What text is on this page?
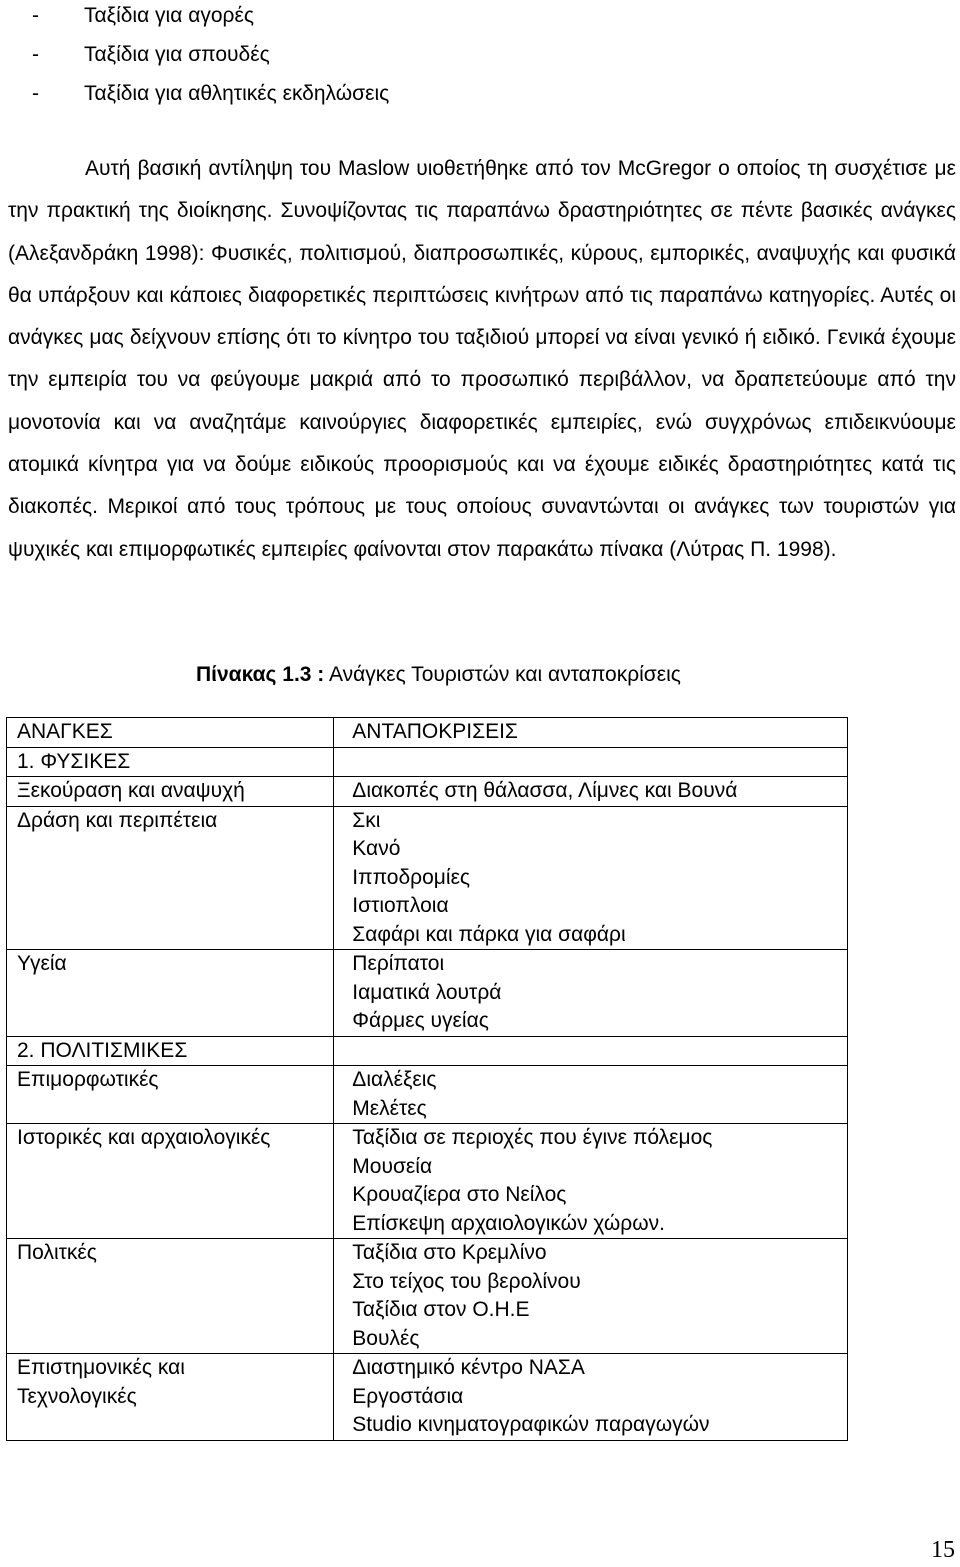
-	Ταξίδια για αγορές
-	Ταξίδια για σπουδές
-	Ταξίδια για αθλητικές εκδηλώσεις

Αυτή βασική αντίληψη του Maslow υιοθετήθηκε από τον McGregor ο οποίος τη συσχέτισε με την πρακτική της διοίκησης. Συνοψίζοντας τις παραπάνω δραστηριότητες σε πέντε βασικές ανάγκες (Αλεξανδράκη 1998): Φυσικές, πολιτισμού, διαπροσωπικές, κύρους, εμπορικές, αναψυχής και φυσικά θα υπάρξουν και κάποιες διαφορετικές περιπτώσεις κινήτρων από τις παραπάνω κατηγορίες. Αυτές οι ανάγκες μας δείχνουν επίσης ότι το κίνητρο του ταξιδιού μπορεί να είναι γενικό ή ειδικό. Γενικά έχουμε την εμπειρία του να φεύγουμε μακριά από το προσωπικό περιβάλλον, να δραπετεύουμε από την μονοτονία και να αναζητάμε καινούργιες διαφορετικές εμπειρίες, ενώ συγχρόνως επιδεικνύουμε ατομικά κίνητρα για να δούμε ειδικούς προορισμούς και να έχουμε ειδικές δραστηριότητες κατά τις διακοπές. Μερικοί από τους τρόπους με τους οποίους συναντώνται οι ανάγκες των τουριστών για ψυχικές και επιμορφωτικές εμπειρίες φαίνονται στον παρακάτω πίνακα (Λύτρας Π. 1998).

Πίνακας 1.3 : Ανάγκες Τουριστών και ανταποκρίσεις

ΑΝΑΓΚΕΣ	ΑΝΤΑΠΟΚΡΙΣΕΙΣ

1. ΦΥΣΙΚΕΣ	

Ξεκούραση και αναψυχή	Διακοπές στη θάλασσα, Λίμνες και Βουνά

Δράση και περιπέτεια	Σκι
Κανό
Ιπποδρομίες
Ιστιοπλοια
Σαφάρι και πάρκα για σαφάρι

Υγεία	Περίπατοι
Ιαματικά λουτρά
Φάρμες υγείας

2. ΠΟΛΙΤΙΣΜΙΚΕΣ	

Επιμορφωτικές	Διαλέξεις
Μελέτες

Ιστορικές και αρχαιολογικές	Ταξίδια σε περιοχές που έγινε πόλεμος
Μουσεία
Κρουαζίερα στο Νείλος
Επίσκεψη αρχαιολογικών χώρων.

Πολιτκές	Ταξίδια στο Κρεμλίνο
Στο τείχος του βερολίνου
Ταξίδια στον Ο.Η.Ε
Βουλές

Επιστημονικές και
Τεχνολογικές	Διαστημικό κέντρο ΝΑΣΑ
Εργοστάσια
Studio κινηματογραφικών παραγωγών
15
